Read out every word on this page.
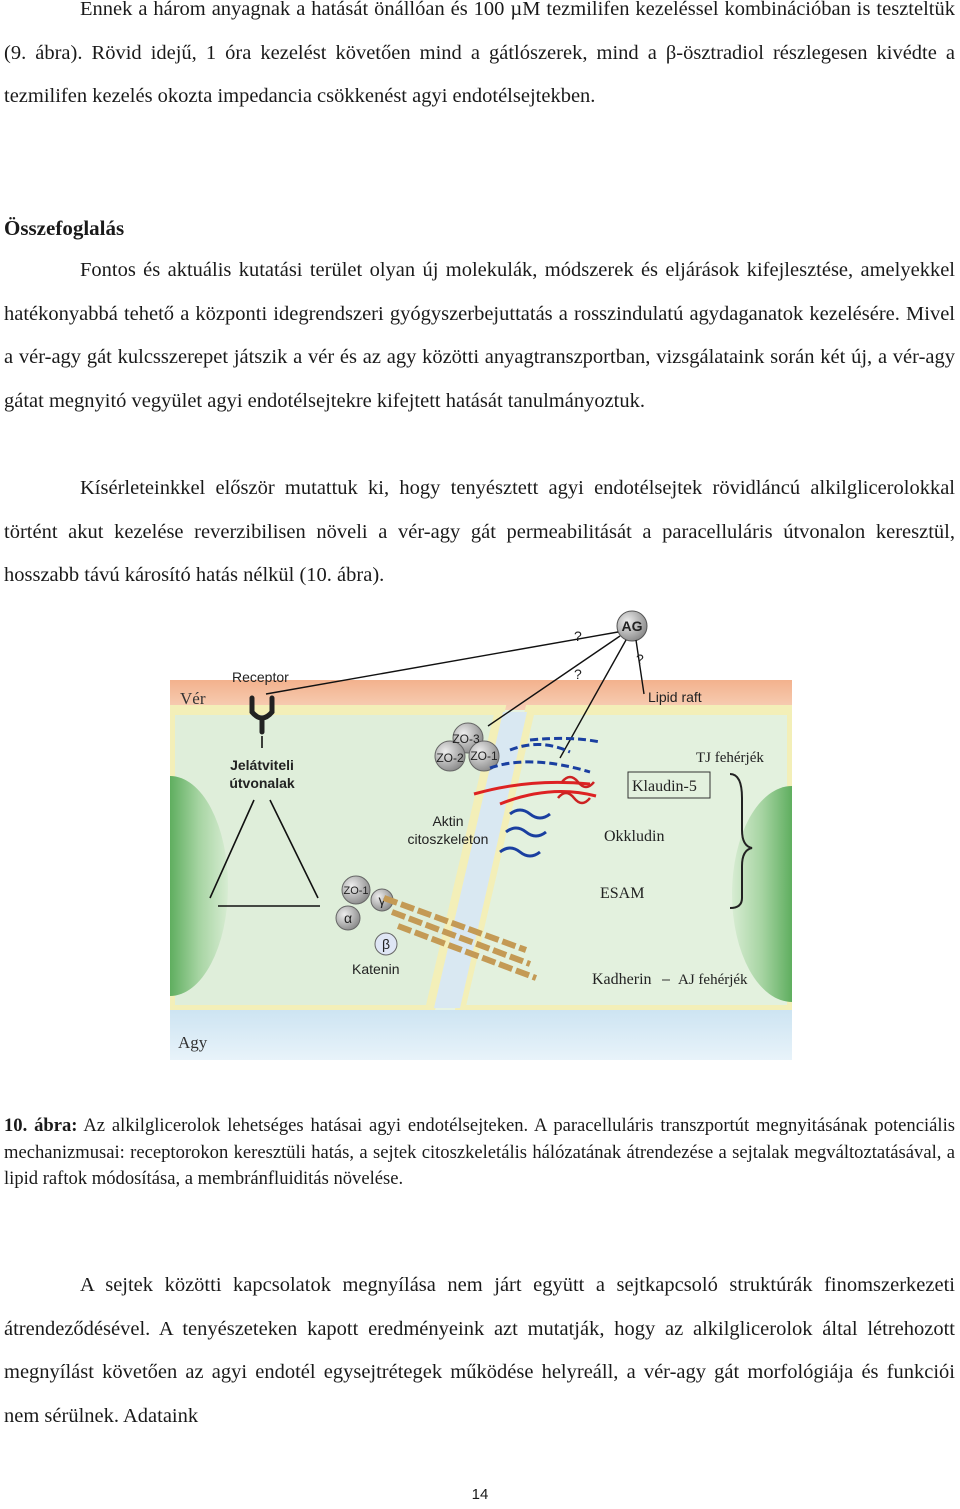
Ennek a három anyagnak a hatását önállóan és 100 µM tezmilifen kezeléssel kombinációban is teszteltük (9. ábra). Rövid idejű, 1 óra kezelést követően mind a gátlószerek, mind a β-ösztradiol részlegesen kivédte a tezmilifen kezelés okozta impedancia csökkenést agyi endotélsejtekben.

Összefoglalás

Fontos és aktuális kutatási terület olyan új molekulák, módszerek és eljárások kifejlesztése, amelyekkel hatékonyabbá tehető a központi idegrendszeri gyógyszerbejuttatás a rosszindulatú agydaganatok kezelésére. Mivel a vér-agy gát kulcsszerepet játszik a vér és az agy közötti anyagtranszportban, vizsgálataink során két új, a vér-agy gátat megnyitó vegyület agyi endotélsejtekre kifejtett hatását tanulmányoztuk.

Kísérleteinkkel először mutattuk ki, hogy tenyésztett agyi endotélsejtek rövidláncú alkilglicerolokkal történt akut kezelése reverzibilisen növeli a vér-agy gát permeabilitását a paracelluláris útvonalon keresztül, hosszabb távú károsító hatás nélkül (10. ábra).

Vér
Agy
Receptor
AG
?
?
?
Lipid raft
Jelátviteli
útvonalak
ZO-3
ZO-2 ZO-1
Aktin
citoszkeleton
ZO-1
γ
α
β
Katenin
TJ fehérjék
Klaudin-5
Okkludin
ESAM
Kadherin AJ fehérjék

10. ábra: Az alkilglicerolok lehetséges hatásai agyi endotélsejteken. A paracelluláris transzportút megnyitásának potenciális mechanizmusai: receptorokon keresztüli hatás, a sejtek citoszkeletális hálózatának átrendezése a sejtalak megváltoztatásával, a lipid raftok módosítása, a membránfluiditás növelése.

A sejtek közötti kapcsolatok megnyílása nem járt együtt a sejtkapcsoló struktúrák finomszerkezeti átrendeződésével. A tenyészeteken kapott eredményeink azt mutatják, hogy az alkilglicerolok által létrehozott megnyílást követően az agyi endotél egysejtrétegek működése helyreáll, a vér-agy gát morfológiája és funkciói nem sérülnek. Adataink

14
